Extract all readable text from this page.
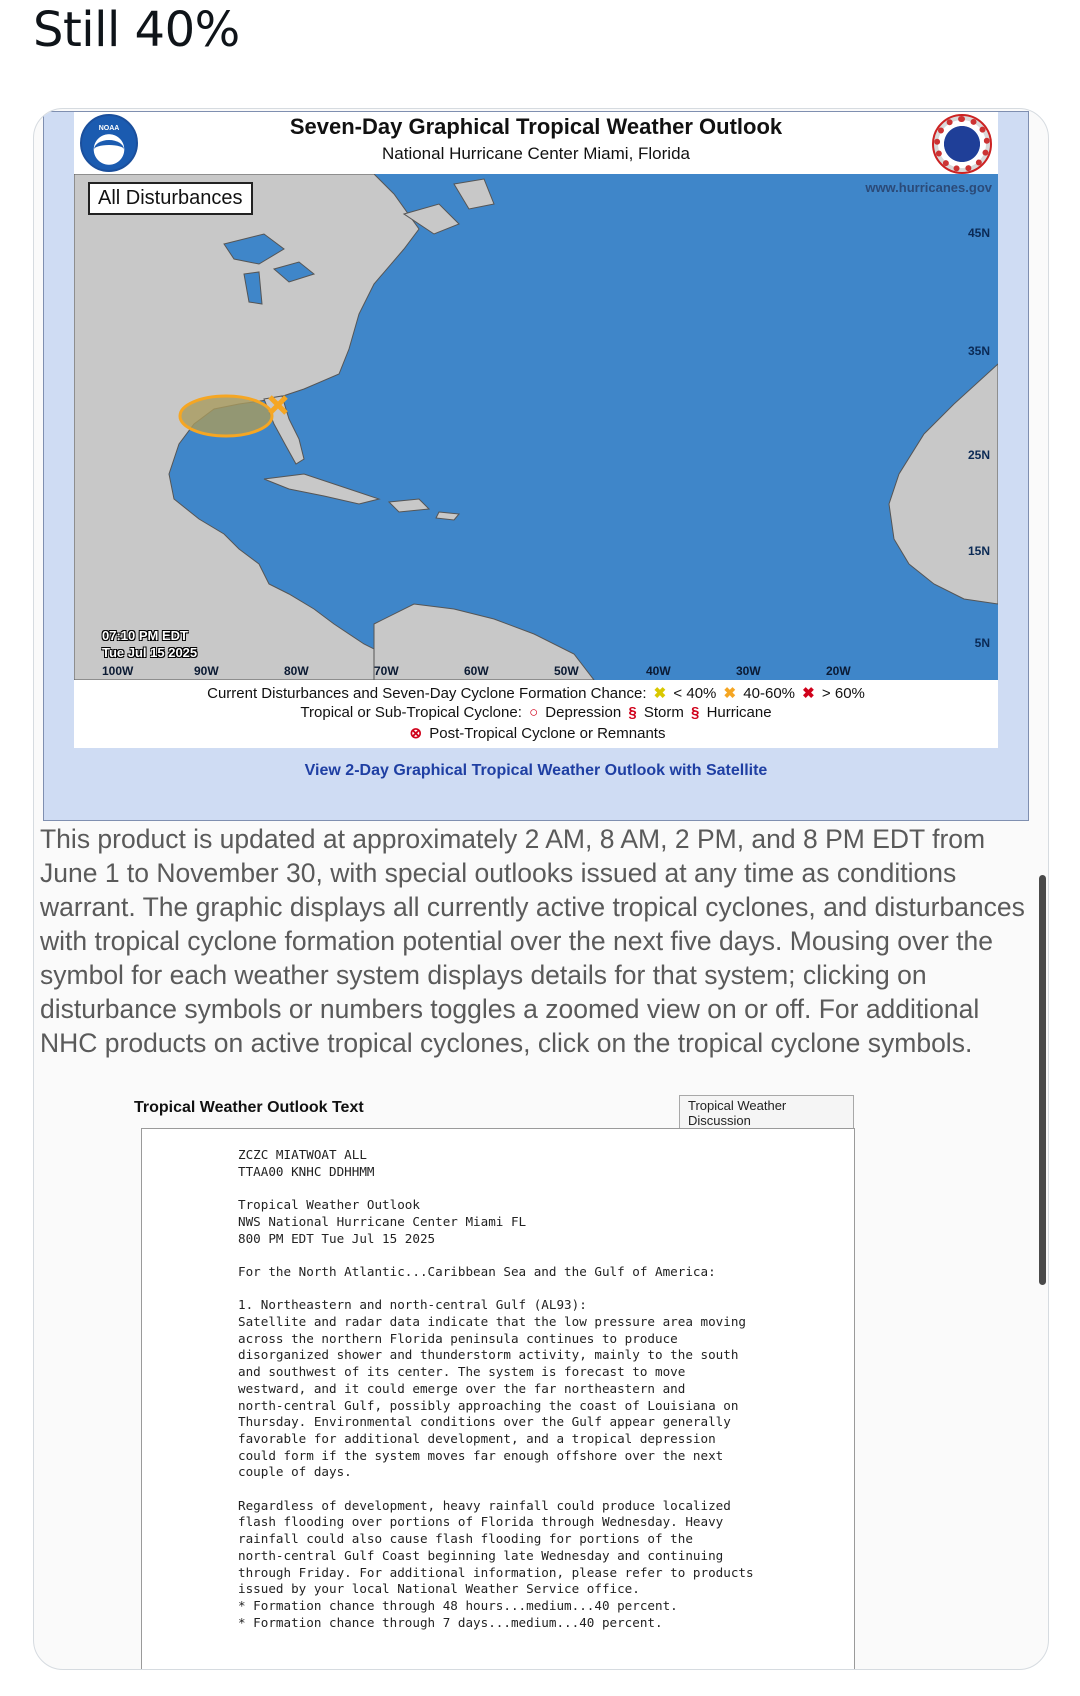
Still 40%
NOAA	Seven-Day Graphical Tropical Weather Outlook
National Hurricane Center Miami, Florida
All Disturbances	www.hurricanes.gov
45N
35N
25N
15N
5N
07:10 PM EDT
Tue Jul 15 2025
100W	90W	80W	70W	60W	50W	40W	30W	20W
Current Disturbances and Seven-Day Cyclone Formation Chance: ✖ < 40% ✖ 40-60% ✖ > 60%
Tropical or Sub-Tropical Cyclone: ○ Depression § Storm § Hurricane
⊗ Post-Tropical Cyclone or Remnants
View 2-Day Graphical Tropical Weather Outlook with Satellite
This product is updated at approximately 2 AM, 8 AM, 2 PM, and 8 PM EDT from June 1 to November 30, with special outlooks issued at any time as conditions warrant. The graphic displays all currently active tropical cyclones, and disturbances with tropical cyclone formation potential over the next five days. Mousing over the symbol for each weather system displays details for that system; clicking on disturbance symbols or numbers toggles a zoomed view on or off. For additional NHC products on active tropical cyclones, click on the tropical cyclone symbols.
Tropical Weather Outlook Text	Tropical Weather Discussion
ZCZC MIATWOAT ALL
TTAA00 KNHC DDHHMM

Tropical Weather Outlook
NWS National Hurricane Center Miami FL
800 PM EDT Tue Jul 15 2025

For the North Atlantic...Caribbean Sea and the Gulf of America:

1. Northeastern and north-central Gulf (AL93):
Satellite and radar data indicate that the low pressure area moving
across the northern Florida peninsula continues to produce
disorganized shower and thunderstorm activity, mainly to the south
and southwest of its center. The system is forecast to move
westward, and it could emerge over the far northeastern and
north-central Gulf, possibly approaching the coast of Louisiana on
Thursday. Environmental conditions over the Gulf appear generally
favorable for additional development, and a tropical depression
could form if the system moves far enough offshore over the next
couple of days.

Regardless of development, heavy rainfall could produce localized
flash flooding over portions of Florida through Wednesday. Heavy
rainfall could also cause flash flooding for portions of the
north-central Gulf Coast beginning late Wednesday and continuing
through Friday. For additional information, please refer to products
issued by your local National Weather Service office.
* Formation chance through 48 hours...medium...40 percent.
* Formation chance through 7 days...medium...40 percent.
